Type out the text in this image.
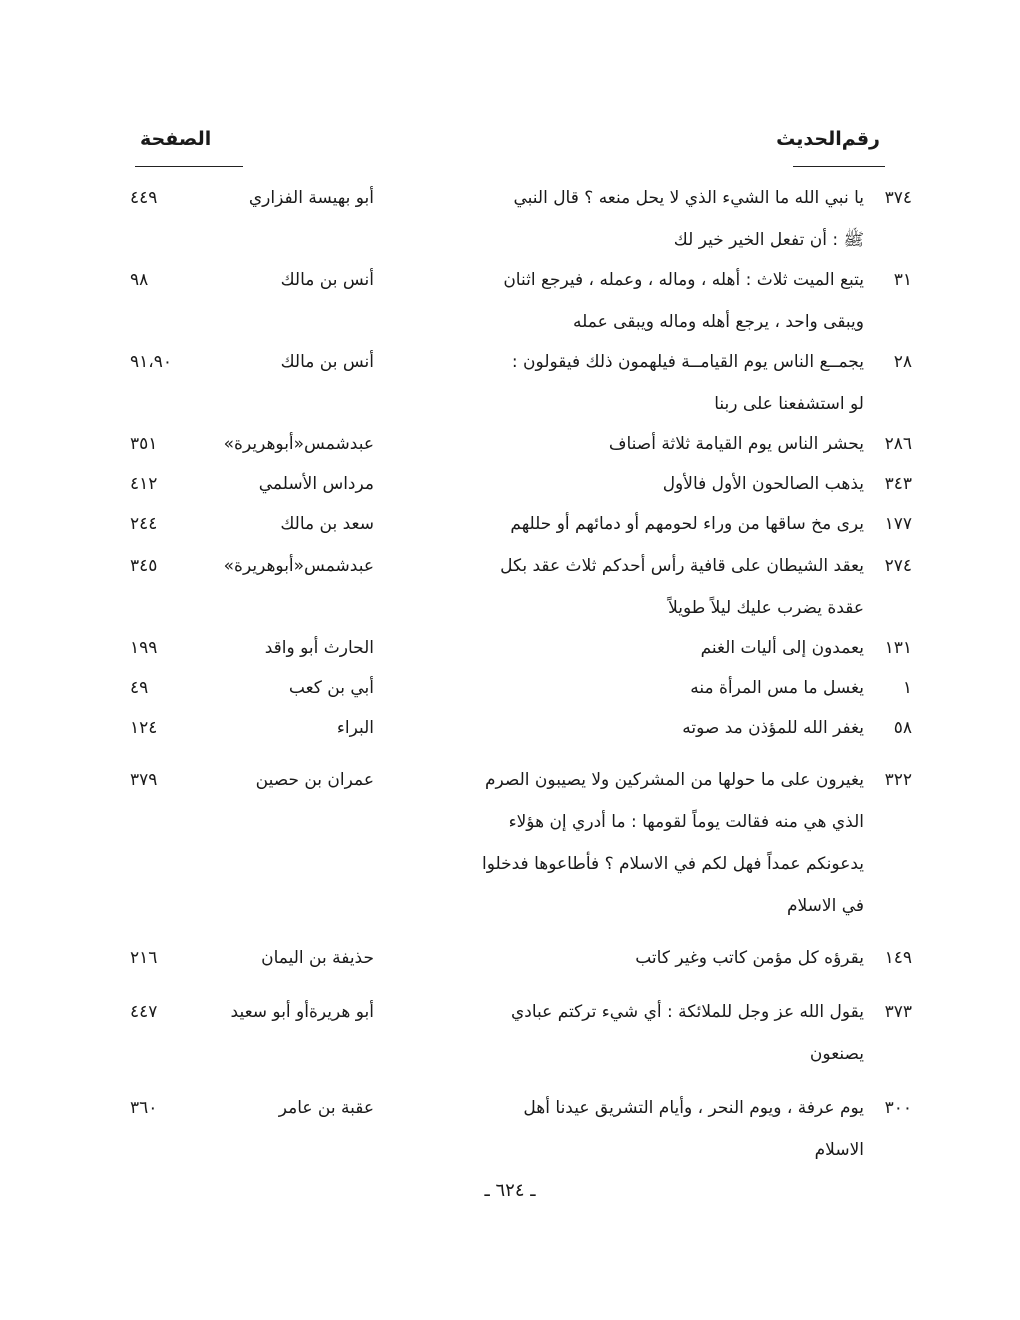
رقم‌الحديث
الصفحة
٣٧٤
يا نبي الله ما الشيء الذي لا يحل منعه ؟ قال النبي
أبو بهيسة الفزاري
٤٤٩
ﷺ : أن تفعل الخير خير لك
٣١
يتبع الميت ثلاث : أهله ، وماله ، وعمله ، فيرجع اثنان
أنس بن مالك
٩٨
ويبقى واحد ، يرجع أهله وماله ويبقى عمله
٢٨
يجمــع الناس يوم القيامــة فيلهمون ذلك فيقولون :
أنس بن مالك
٩١،٩٠
لو استشفعنا على ربنا
٢٨٦
يحشر الناس يوم القيامة ثلاثة أصناف
عبدشمس«أبوهريرة»
٣٥١
٣٤٣
يذهب الصالحون الأول فالأول
مرداس الأسلمي
٤١٢
١٧٧
يرى مخ ساقها من وراء لحومهم أو دمائهم أو حللهم
سعد بن مالك
٢٤٤
٢٧٤
يعقد الشيطان على قافية رأس أحدكم ثلاث عقد بكل
عبدشمس«أبوهريرة»
٣٤٥
عقدة يضرب عليك ليلاً طويلاً
١٣١
يعمدون إلى أليات الغنم
الحارث أبو واقد
١٩٩
١
يغسل ما مس المرأة منه
أبي بن كعب
٤٩
٥٨
يغفر الله للمؤذن مد صوته
البراء
١٢٤
٣٢٢
يغيرون على ما حولها من المشركين ولا يصيبون الصرم
عمران بن حصين
٣٧٩
الذي هي منه فقالت يوماً لقومها : ما أدري إن هؤلاء
يدعونكم عمداً فهل لكم في الاسلام ؟ فأطاعوها فدخلوا
في الاسلام
١٤٩
يقرؤه كل مؤمن كاتب وغير كاتب
حذيفة بن اليمان
٢١٦
٣٧٣
يقول الله عز وجل للملائكة : أي شيء تركتم عبادي
أبو هريرةأو أبو سعيد
٤٤٧
يصنعون
٣٠٠
يوم عرفة ، ويوم النحر ، وأيام التشريق عيدنا أهل
عقبة بن عامر
٣٦٠
الاسلام
ـ ٦٢٤ ـ
